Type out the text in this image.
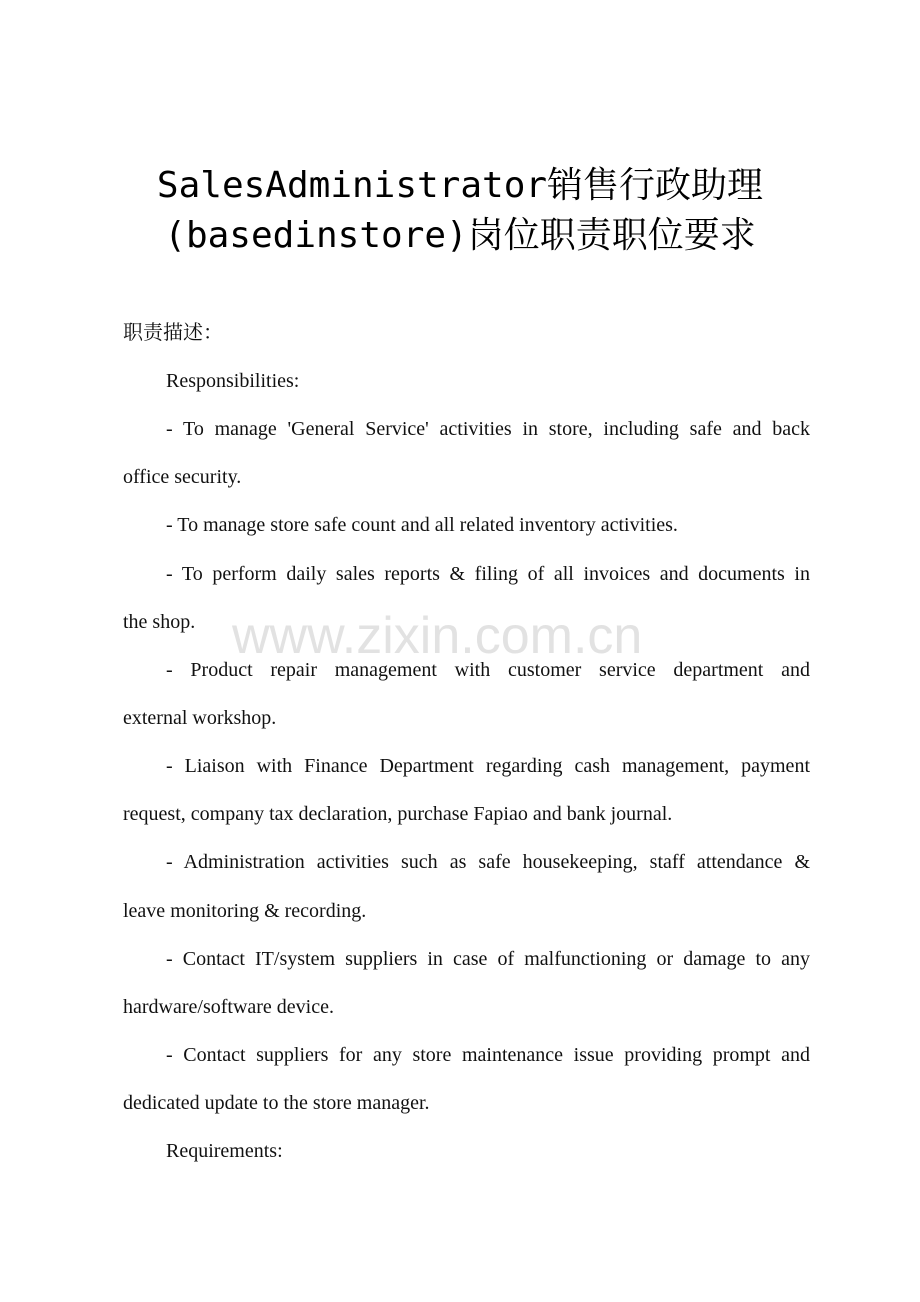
SalesAdministrator销售行政助理
(basedinstore)岗位职责职位要求
职责描述：
Responsibilities:
- To manage 'General Service' activities in store, including safe and back
office security.
- To manage store safe count and all related inventory activities.
- To perform daily sales reports & filing of all invoices and documents in
the shop.
- Product repair management with customer service department and
external workshop.
- Liaison with Finance Department regarding cash management, payment
request, company tax declaration, purchase Fapiao and bank journal.
- Administration activities such as safe housekeeping, staff attendance &
leave monitoring & recording.
- Contact IT/system suppliers in case of malfunctioning or damage to any
hardware/software device.
- Contact suppliers for any store maintenance issue providing prompt and
dedicated update to the store manager.
Requirements:
www.zixin.com.cn
